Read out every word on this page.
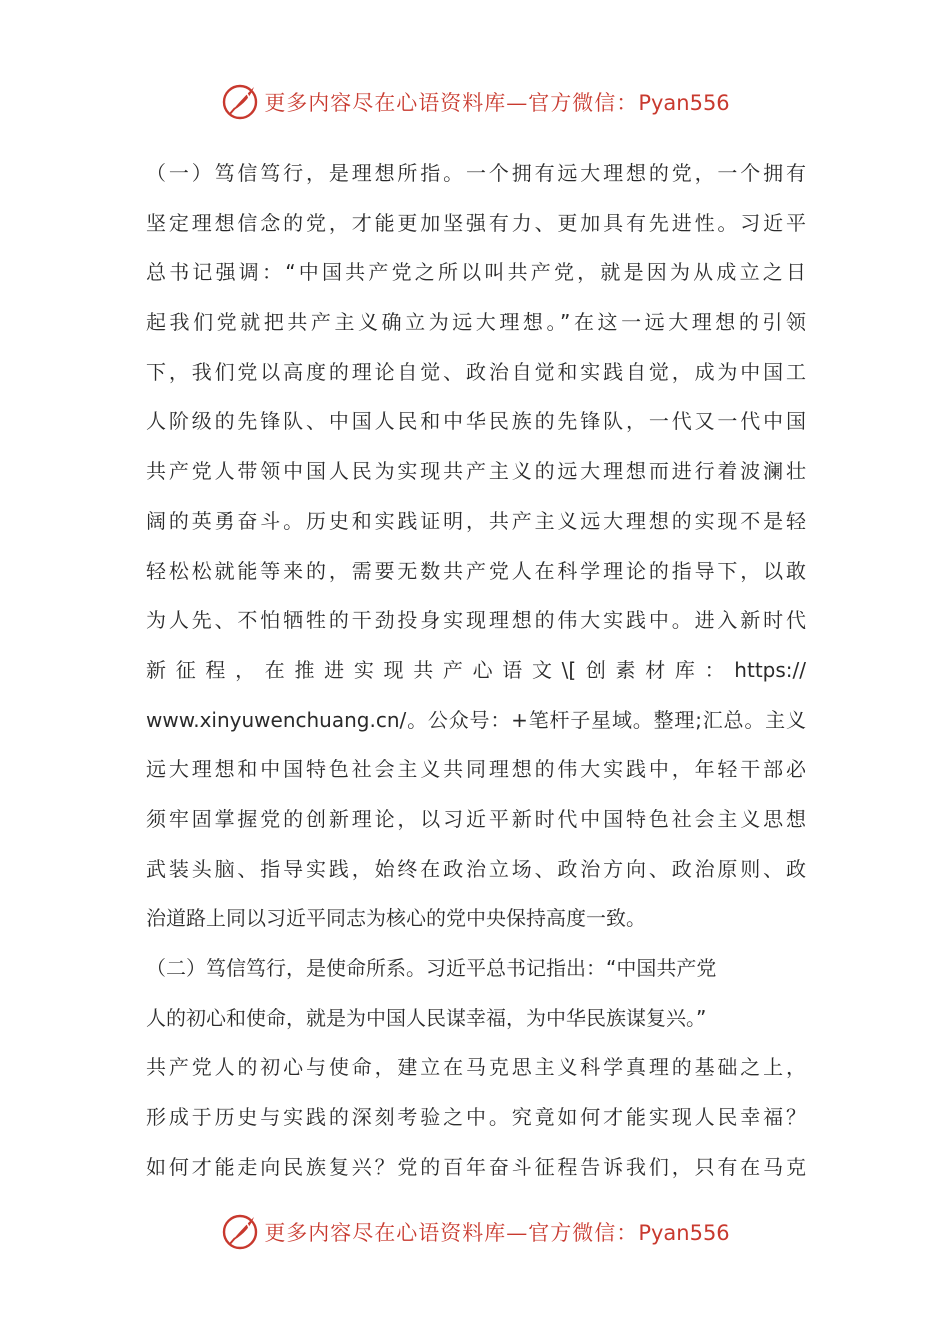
更多内容尽在心语资料库—官方微信：Pyan556
（一）笃信笃行，是理想所指。一个拥有远大理想的党，一个拥有
坚定理想信念的党，才能更加坚强有力、更加具有先进性。习近平
总书记强调：“中国共产党之所以叫共产党，就是因为从成立之日
起我们党就把共产主义确立为远大理想。”在这一远大理想的引领
下，我们党以高度的理论自觉、政治自觉和实践自觉，成为中国工
人阶级的先锋队、中国人民和中华民族的先锋队，一代又一代中国
共产党人带领中国人民为实现共产主义的远大理想而进行着波澜壮
阔的英勇奋斗。历史和实践证明，共产主义远大理想的实现不是轻
轻松松就能等来的，需要无数共产党人在科学理论的指导下，以敢
为人先、不怕牺牲的干劲投身实现理想的伟大实践中。进入新时代
新征程，在推进实现共产心语文\[创素材库：https://
www.xinyuwenchuang.cn/。公众号：+笔杆子星域。整理;汇总。主义
远大理想和中国特色社会主义共同理想的伟大实践中，年轻干部必
须牢固掌握党的创新理论，以习近平新时代中国特色社会主义思想
武装头脑、指导实践，始终在政治立场、政治方向、政治原则、政
治道路上同以习近平同志为核心的党中央保持高度一致。
（二）笃信笃行，是使命所系。习近平总书记指出：“中国共产党
人的初心和使命，就是为中国人民谋幸福，为中华民族谋复兴。”
共产党人的初心与使命，建立在马克思主义科学真理的基础之上，
形成于历史与实践的深刻考验之中。究竟如何才能实现人民幸福？
如何才能走向民族复兴？党的百年奋斗征程告诉我们，只有在马克
更多内容尽在心语资料库—官方微信：Pyan556
